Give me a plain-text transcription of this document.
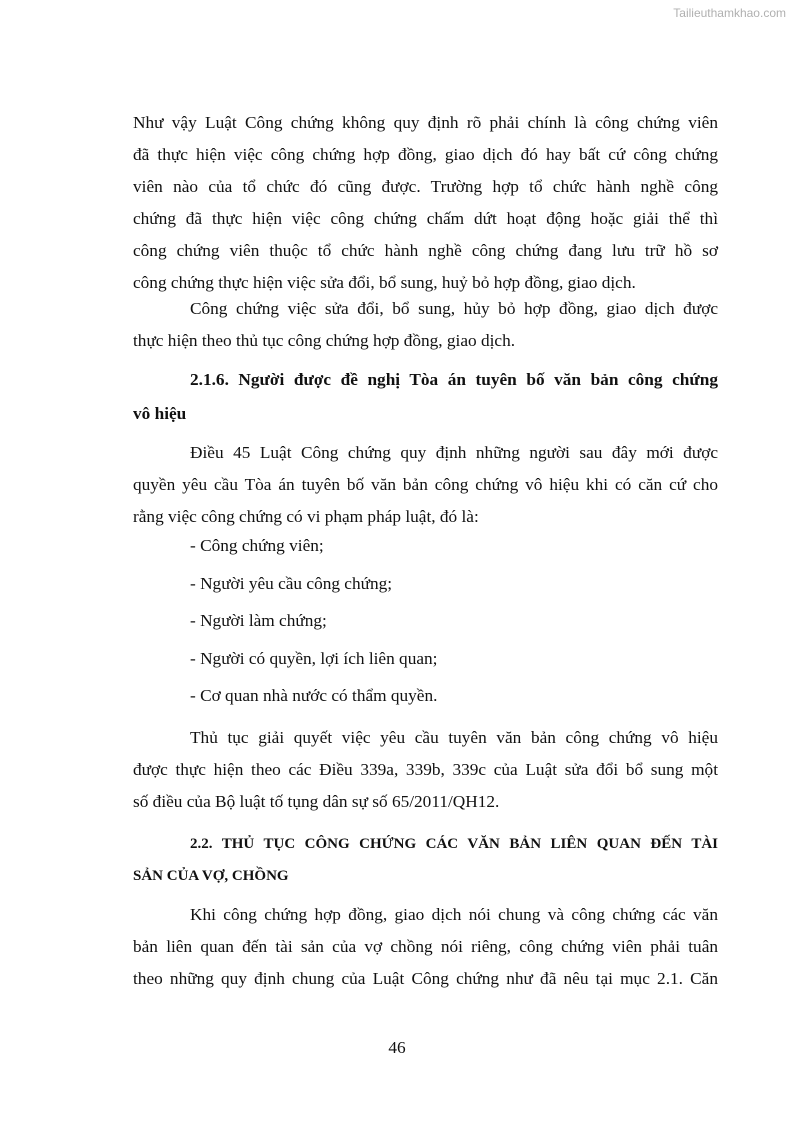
Tailieuthamkhao.com
Như vậy Luật Công chứng không quy định rõ phải chính là công chứng viên
đã thực hiện việc công chứng hợp đồng, giao dịch đó hay bất cứ công chứng
viên nào của tổ chức đó cũng được. Trường hợp tổ chức hành nghề công
chứng đã thực hiện việc công chứng chấm dứt hoạt động hoặc giải thể thì
công chứng viên thuộc tổ chức hành nghề công chứng đang lưu trữ hồ sơ
công chứng thực hiện việc sửa đổi, bổ sung, huỷ bỏ hợp đồng, giao dịch.
Công chứng việc sửa đổi, bổ sung, hủy bỏ hợp đồng, giao dịch được
thực hiện theo thủ tục công chứng hợp đồng, giao dịch.
2.1.6. Người được đề nghị Tòa án tuyên bố văn bản công chứng
vô hiệu
Điều 45 Luật Công chứng quy định những người sau đây mới được
quyền yêu cầu Tòa án tuyên bố văn bản công chứng vô hiệu khi có căn cứ cho
rằng việc công chứng có vi phạm pháp luật, đó là:
- Công chứng viên;
- Người yêu cầu công chứng;
- Người làm chứng;
- Người có quyền, lợi ích liên quan;
- Cơ quan nhà nước có thẩm quyền.
Thủ tục giải quyết việc yêu cầu tuyên văn bản công chứng vô hiệu
được thực hiện theo các Điều 339a, 339b, 339c của Luật sửa đổi bổ sung một
số điều của Bộ luật tố tụng dân sự số 65/2011/QH12.
2.2. THỦ TỤC CÔNG CHỨNG CÁC VĂN BẢN LIÊN QUAN ĐẾN TÀI
SẢN CỦA VỢ, CHỒNG
Khi công chứng hợp đồng, giao dịch nói chung và công chứng các văn
bản liên quan đến tài sản của vợ chồng nói riêng, công chứng viên phải tuân
theo những quy định chung của Luật Công chứng như đã nêu tại mục 2.1. Căn
46
